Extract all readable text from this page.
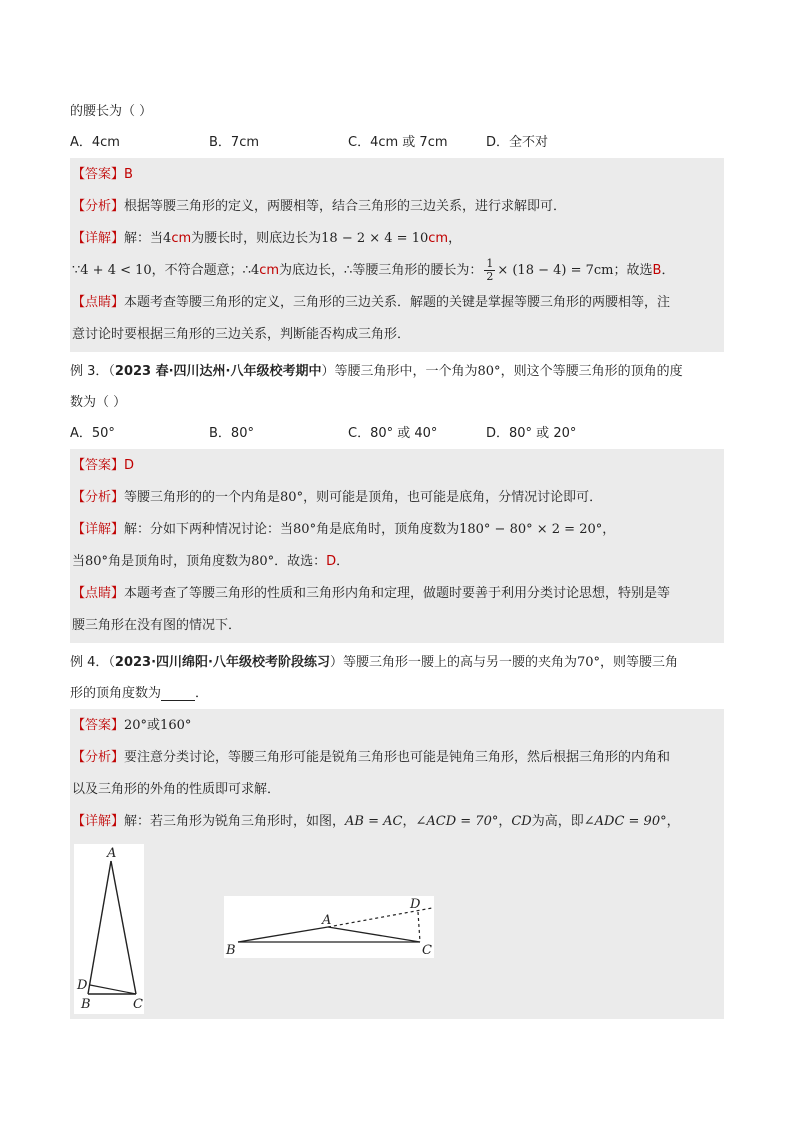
的腰长为（ ）
A．4cm	B．7cm	C．4cm 或 7cm	D．全不对
【答案】B
【分析】根据等腰三角形的定义，两腰相等，结合三角形的三边关系，进行求解即可．
【详解】解：当4cm为腰长时，则底边长为18 − 2 × 4 = 10cm，
∵4 + 4 < 10，不符合题意；∴4cm为底边长，∴等腰三角形的腰长为： $\frac{1}{2} \times (18 - 4) = 7cm$；故选B．
【点睛】本题考查等腰三角形的定义，三角形的三边关系．解题的关键是掌握等腰三角形的两腰相等，注
意讨论时要根据三角形的三边关系，判断能否构成三角形．
例 3．（2023 春·四川达州·八年级校考期中）等腰三角形中，一个角为80°，则这个等腰三角形的顶角的度
数为（ ）
A．50°	B．80°	C．80° 或 40°	D．80° 或 20°
【答案】D
【分析】等腰三角形的的一个内角是80°，则可能是顶角，也可能是底角，分情况讨论即可．
【详解】解：分如下两种情况讨论：当80°角是底角时，顶角度数为180° − 80° × 2 = 20°，
当80°角是顶角时，顶角度数为80°．故选：D．
【点睛】本题考查了等腰三角形的性质和三角形内角和定理，做题时要善于利用分类讨论思想，特别是等
腰三角形在没有图的情况下．
例 4．（2023·四川绵阳·八年级校考阶段练习）等腰三角形一腰上的高与另一腰的夹角为70°，则等腰三角
形的顶角度数为	．
【答案】20°或160°
【分析】要注意分类讨论，等腰三角形可能是锐角三角形也可能是钝角三角形，然后根据三角形的内角和
以及三角形的外角的性质即可求解．
【详解】解：若三角形为锐角三角形时，如图，AB = AC，∠ACD = 70°，CD为高，即∠ADC = 90°，
A
D
B	C
B
A
D
C
